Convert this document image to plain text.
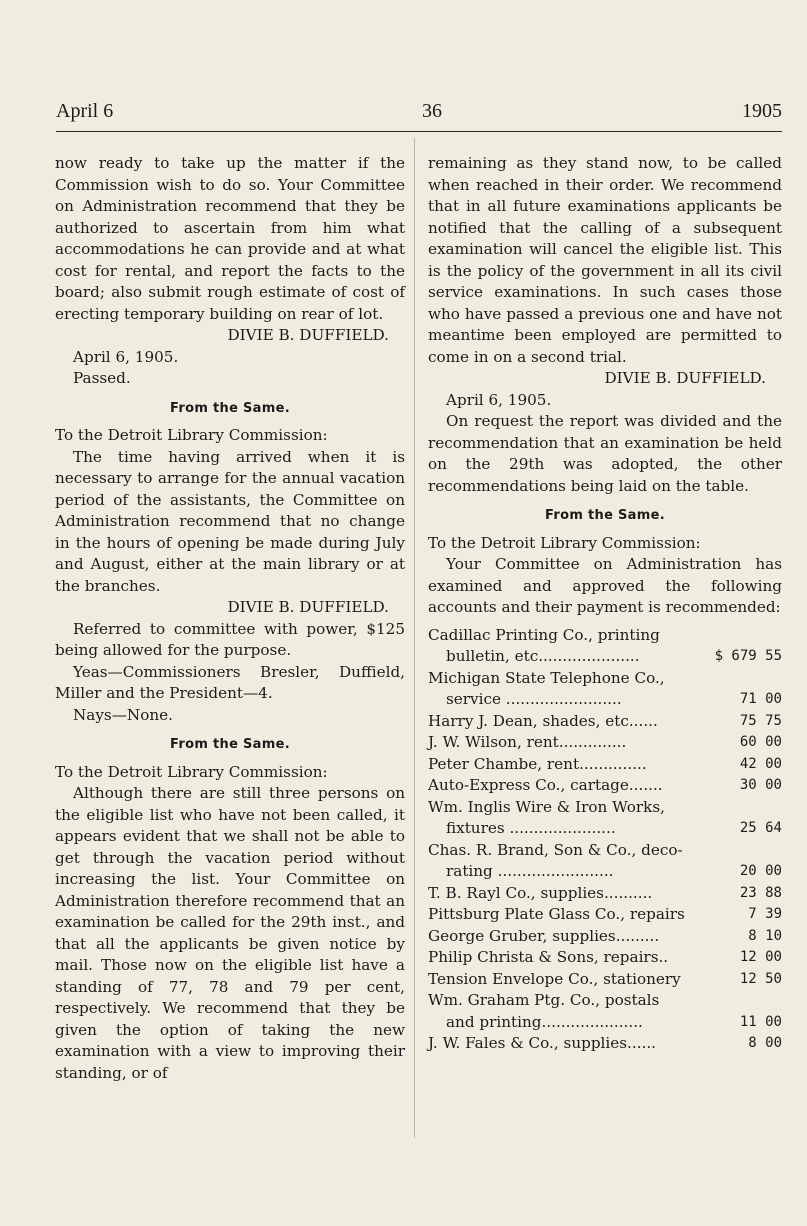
April 6	36	1905

now ready to take up the matter if the Commission wish to do so. Your Committee on Administration recommend that they be authorized to ascertain from him what accommodations he can provide and at what cost for rental, and report the facts to the board; also submit rough estimate of cost of erecting temporary building on rear of lot.

DIVIE B. DUFFIELD.

April 6, 1905.

Passed.

From the Same.

To the Detroit Library Commission:

The time having arrived when it is necessary to arrange for the annual vacation period of the assistants, the Committee on Administration recommend that no change in the hours of opening be made during July and August, either at the main library or at the branches.

DIVIE B. DUFFIELD.

Referred to committee with power, $125 being allowed for the purpose.

Yeas—Commissioners Bresler, Duffield, Miller and the President—4.

Nays—None.

From the Same.

To the Detroit Library Commission:

Although there are still three persons on the eligible list who have not been called, it appears evident that we shall not be able to get through the vacation period without increasing the list. Your Committee on Administration therefore recommend that an examination be called for the 29th inst., and that all the applicants be given notice by mail. Those now on the eligible list have a standing of 77, 78 and 79 per cent, respectively. We recommend that they be given the option of taking the new examination with a view to improving their standing, or of

remaining as they stand now, to be called when reached in their order. We recommend that in all future examinations applicants be notified that the calling of a subsequent examination will cancel the eligible list. This is the policy of the government in all its civil service examinations. In such cases those who have passed a previous one and have not meantime been employed are permitted to come in on a second trial.

DIVIE B. DUFFIELD.

April 6, 1905.

On request the report was divided and the recommendation that an examination be held on the 29th was adopted, the other recommendations being laid on the table.

From the Same.

To the Detroit Library Commission:

Your Committee on Administration has examined and approved the following accounts and their payment is recommended:

Cadillac Printing Co., printing
bulletin, etc.....................	$ 679 55
Michigan State Telephone Co.,
service ........................	71 00
Harry J. Dean, shades, etc......	75 75
J. W. Wilson, rent..............	60 00
Peter Chambe, rent..............	42 00
Auto-Express Co., cartage.......	30 00
Wm. Inglis Wire & Iron Works,
fixtures ......................	25 64
Chas. R. Brand, Son & Co., deco-
rating ........................	20 00
T. B. Rayl Co., supplies..........	23 88
Pittsburg Plate Glass Co., repairs	7 39
George Gruber, supplies.........	8 10
Philip Christa & Sons, repairs..	12 00
Tension Envelope Co., stationery	12 50
Wm. Graham Ptg. Co., postals
and printing.....................	11 00
J. W. Fales & Co., supplies......	8 00
